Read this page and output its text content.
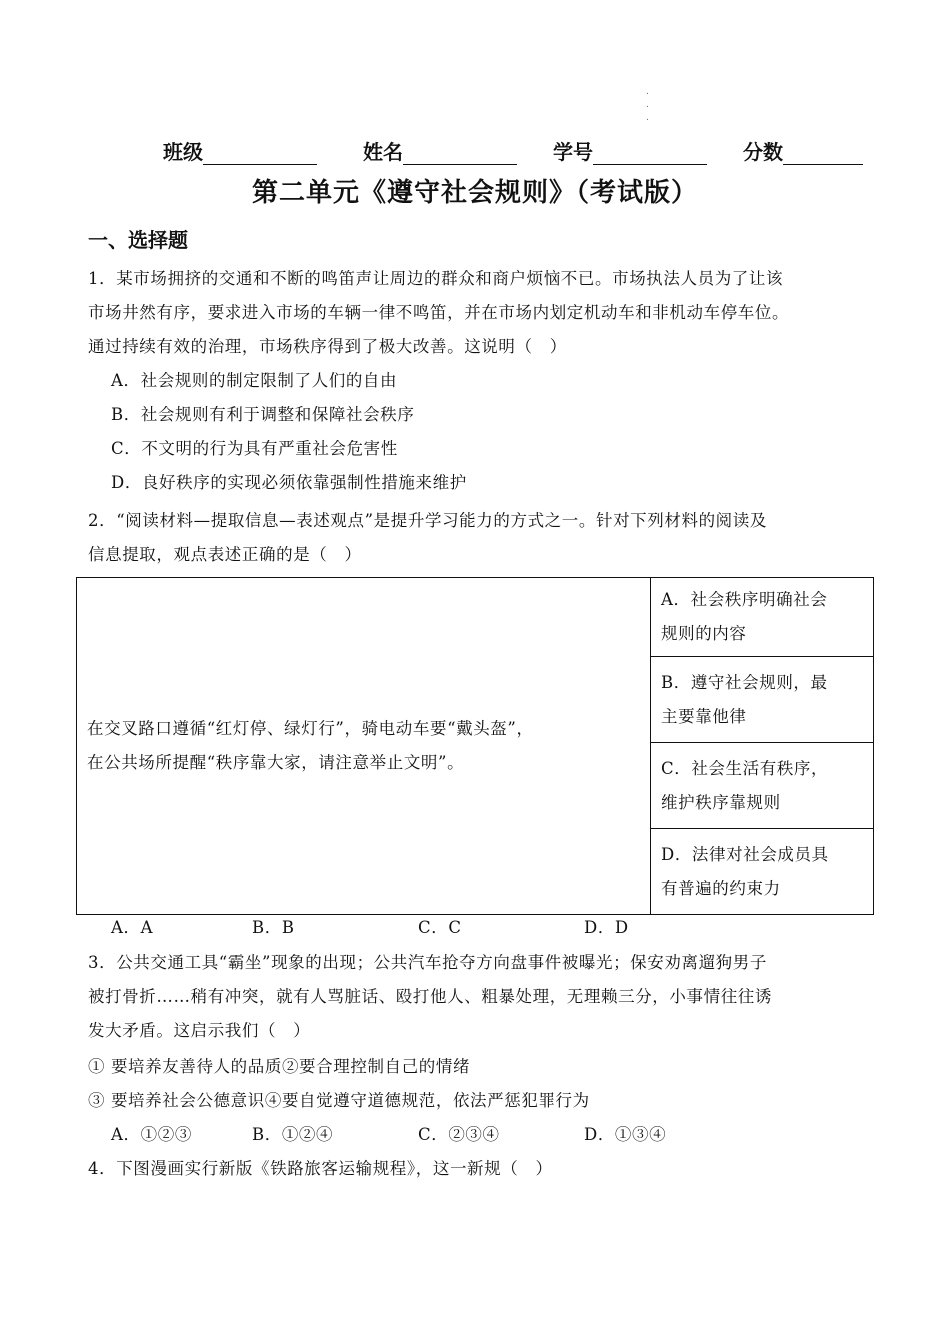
.
.
.
班级	姓名	学号	分数
第二单元《遵守社会规则》（考试版）
一、选择题
1．某市场拥挤的交通和不断的鸣笛声让周边的群众和商户烦恼不已。市场执法人员为了让该
市场井然有序，要求进入市场的车辆一律不鸣笛，并在市场内划定机动车和非机动车停车位。
通过持续有效的治理，市场秩序得到了极大改善。这说明（　）
A．社会规则的制定限制了人们的自由
B．社会规则有利于调整和保障社会秩序
C．不文明的行为具有严重社会危害性
D．良好秩序的实现必须依靠强制性措施来维护
2．“阅读材料—提取信息—表述观点”是提升学习能力的方式之一。针对下列材料的阅读及
信息提取，观点表述正确的是（　）
在交叉路口遵循“红灯停、绿灯行”，骑电动车要“戴头盔”，
在公共场所提醒“秩序靠大家，请注意举止文明”。

A．社会秩序明确社会
规则的内容

B．遵守社会规则，最
主要靠他律

C．社会生活有秩序，
维护秩序靠规则

D．法律对社会成员具
有普遍的约束力
A．A	B．B	C．C	D．D
3．公共交通工具“霸坐”现象的出现；公共汽车抢夺方向盘事件被曝光；保安劝离遛狗男子
被打骨折……稍有冲突，就有人骂脏话、殴打他人、粗暴处理，无理赖三分，小事情往往诱
发大矛盾。这启示我们（　）
① 要培养友善待人的品质②要合理控制自己的情绪
③ 要培养社会公德意识④要自觉遵守道德规范，依法严惩犯罪行为
A．①②③	B．①②④	C．②③④	D．①③④
4．下图漫画实行新版《铁路旅客运输规程》，这一新规（　）
